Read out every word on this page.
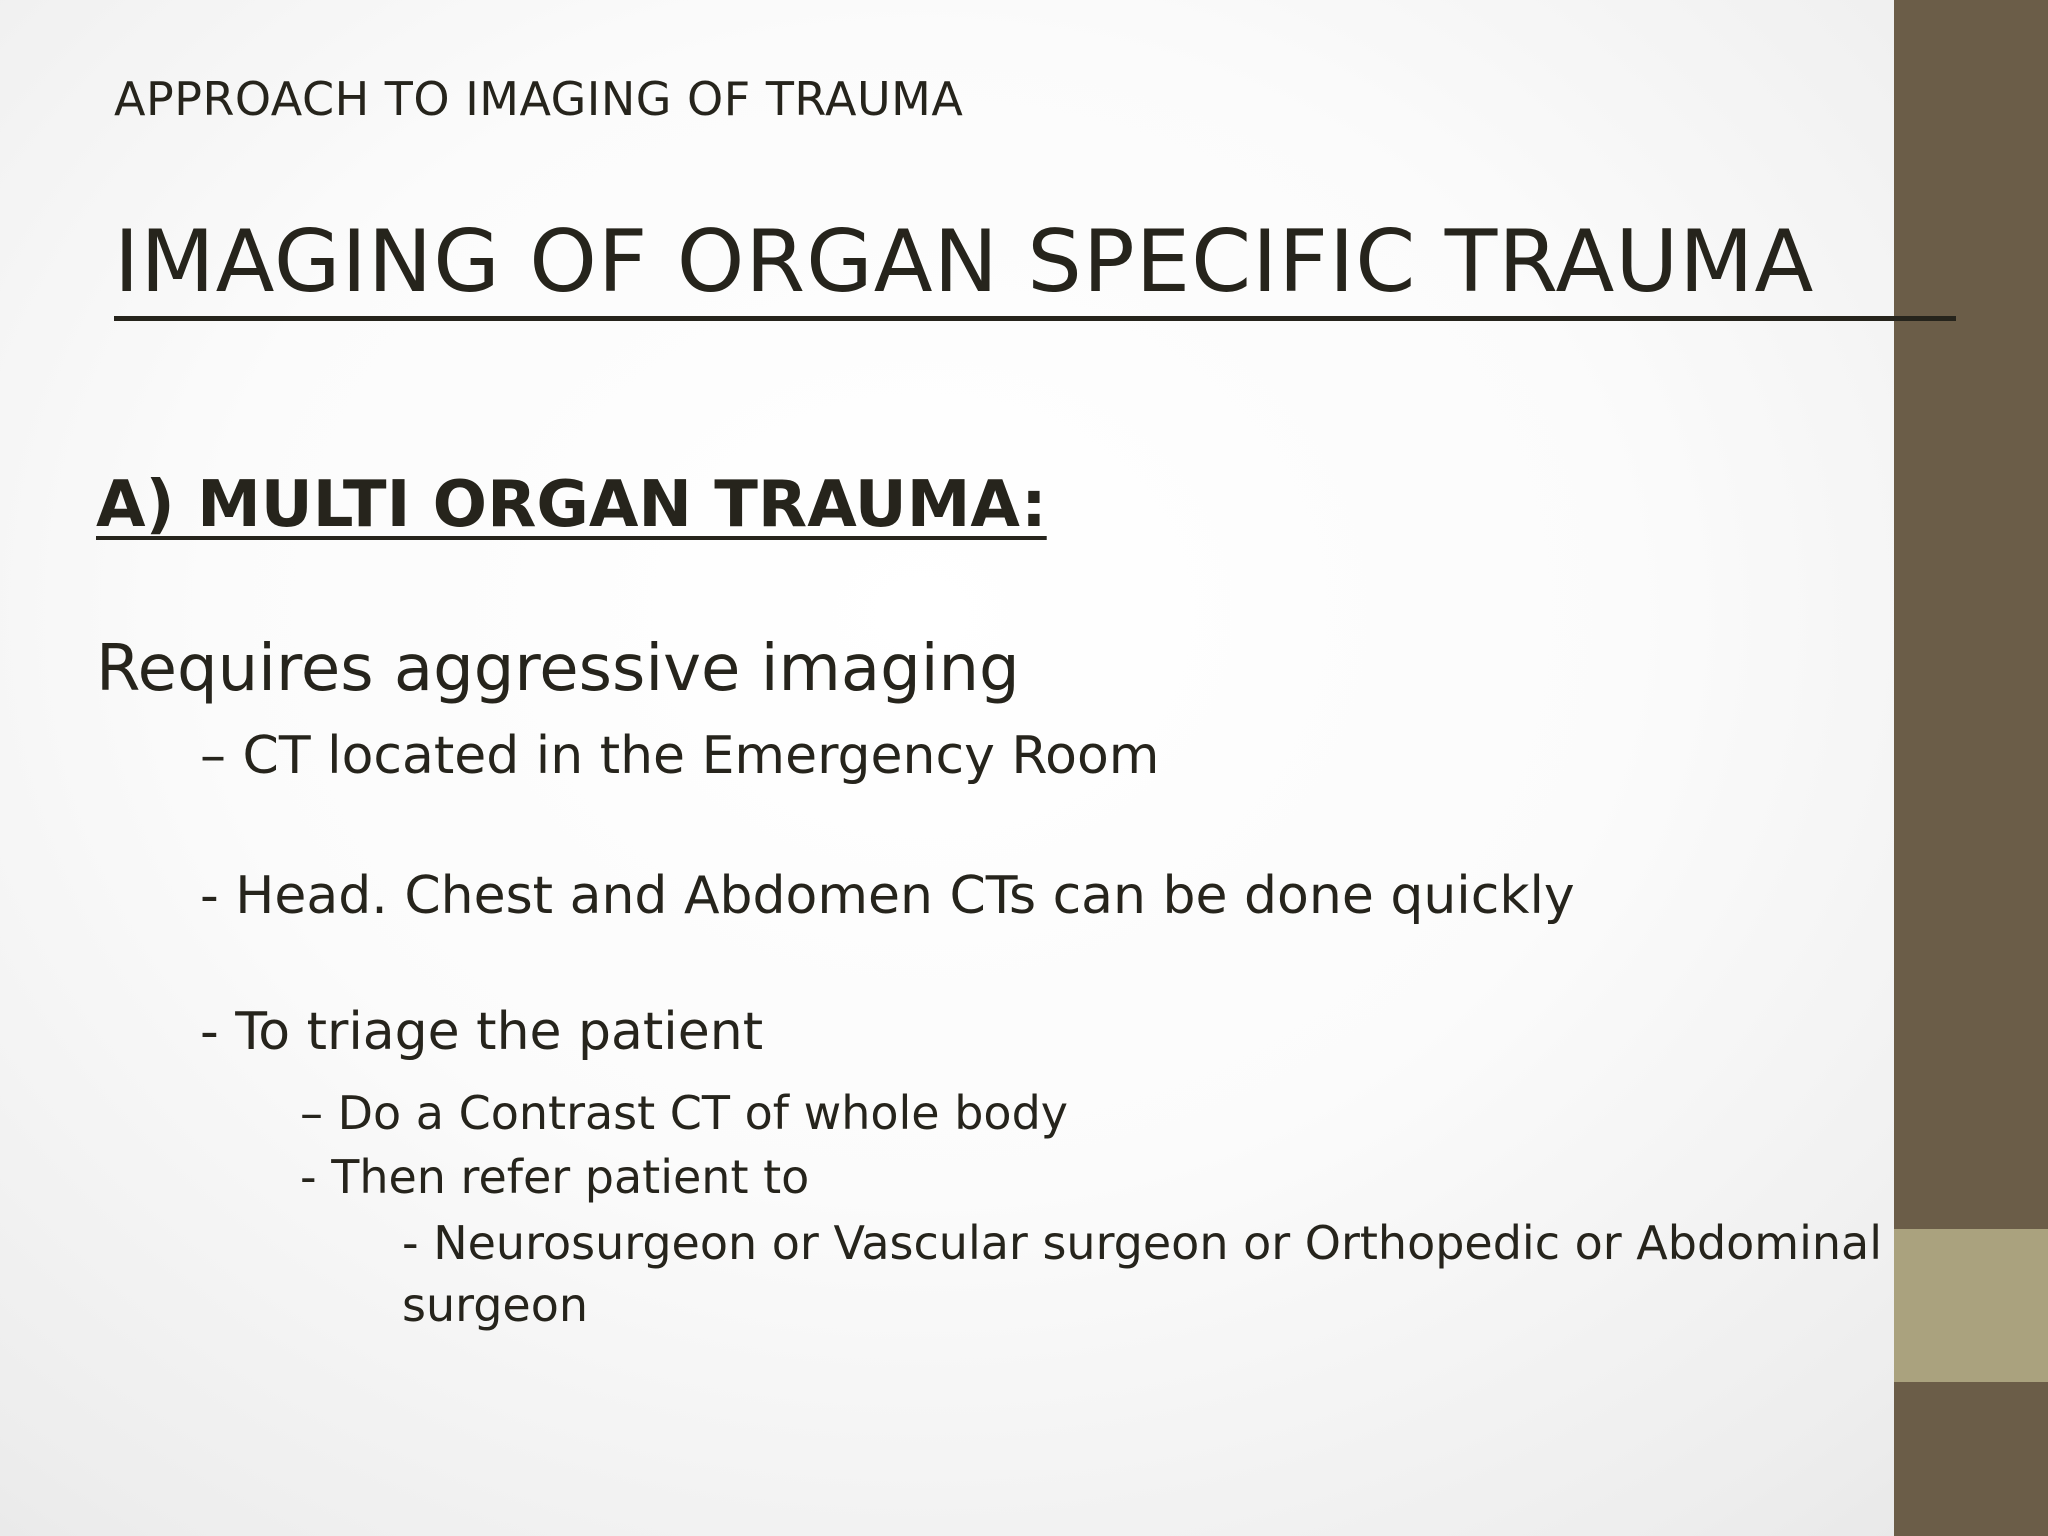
APPROACH TO IMAGING OF TRAUMA
IMAGING OF ORGAN SPECIFIC TRAUMA
A) MULTI ORGAN TRAUMA:
Requires aggressive imaging
– CT located in the Emergency Room
- Head. Chest and Abdomen CTs can be done quickly
- To triage the patient
– Do a Contrast CT of whole body
- Then refer patient to
- Neurosurgeon or Vascular surgeon or Orthopedic or Abdominal surgeon
